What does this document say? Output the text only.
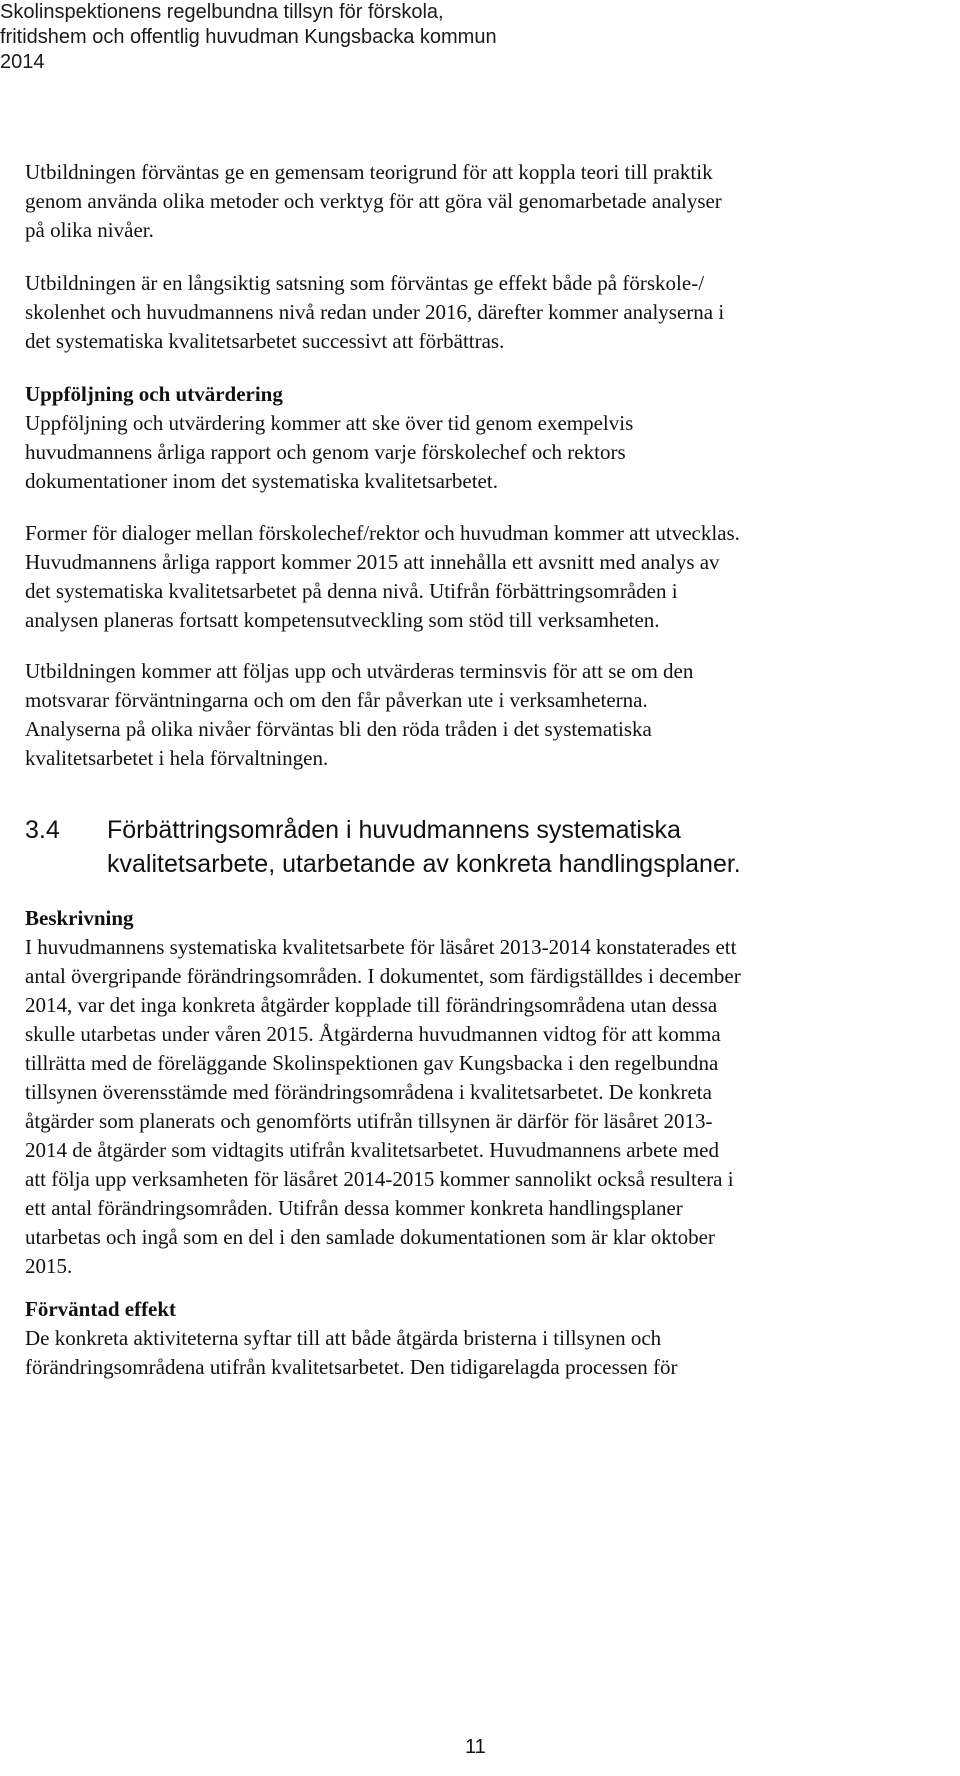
Skolinspektionens regelbundna tillsyn för förskola,
fritidshem och offentlig huvudman Kungsbacka kommun
2014

Utbildningen förväntas ge en gemensam teorigrund för att koppla teori till praktik

genom använda olika metoder och verktyg för att göra väl genomarbetade analyser

på olika nivåer.

Utbildningen är en långsiktig satsning som förväntas ge effekt både på förskole-/

skolenhet och huvudmannens nivå redan under 2016, därefter kommer analyserna i

det systematiska kvalitetsarbetet successivt att förbättras.

Uppföljning och utvärdering

Uppföljning och utvärdering kommer att ske över tid genom exempelvis

huvudmannens årliga rapport och genom varje förskolechef och rektors

dokumentationer inom det systematiska kvalitetsarbetet.

Former för dialoger mellan förskolechef/rektor och huvudman kommer att utvecklas.

Huvudmannens årliga rapport kommer 2015 att innehålla ett avsnitt med analys av

det systematiska kvalitetsarbetet på denna nivå. Utifrån förbättringsområden i

analysen planeras fortsatt kompetensutveckling som stöd till verksamheten.

Utbildningen kommer att följas upp och utvärderas terminsvis för att se om den

motsvarar förväntningarna och om den får påverkan ute i verksamheterna.

Analyserna på olika nivåer förväntas bli den röda tråden i det systematiska

kvalitetsarbetet i hela förvaltningen.

3.4 Förbättringsområden i huvudmannens systematiska
kvalitetsarbete, utarbetande av konkreta handlingsplaner.

Beskrivning

I huvudmannens systematiska kvalitetsarbete för läsåret 2013-2014 konstaterades ett

antal övergripande förändringsområden. I dokumentet, som färdigställdes i december

2014, var det inga konkreta åtgärder kopplade till förändringsområdena utan dessa

skulle utarbetas under våren 2015. Åtgärderna huvudmannen vidtog för att komma

tillrätta med de föreläggande Skolinspektionen gav Kungsbacka i den regelbundna

tillsynen överensstämde med förändringsområdena i kvalitetsarbetet. De konkreta

åtgärder som planerats och genomförts utifrån tillsynen är därför för läsåret 2013-

2014 de åtgärder som vidtagits utifrån kvalitetsarbetet. Huvudmannens arbete med

att följa upp verksamheten för läsåret 2014-2015 kommer sannolikt också resultera i

ett antal förändringsområden. Utifrån dessa kommer konkreta handlingsplaner

utarbetas och ingå som en del i den samlade dokumentationen som är klar oktober

2015.

Förväntad effekt

De konkreta aktiviteterna syftar till att både åtgärda bristerna i tillsynen och

förändringsområdena utifrån kvalitetsarbetet. Den tidigarelagda processen för

11
